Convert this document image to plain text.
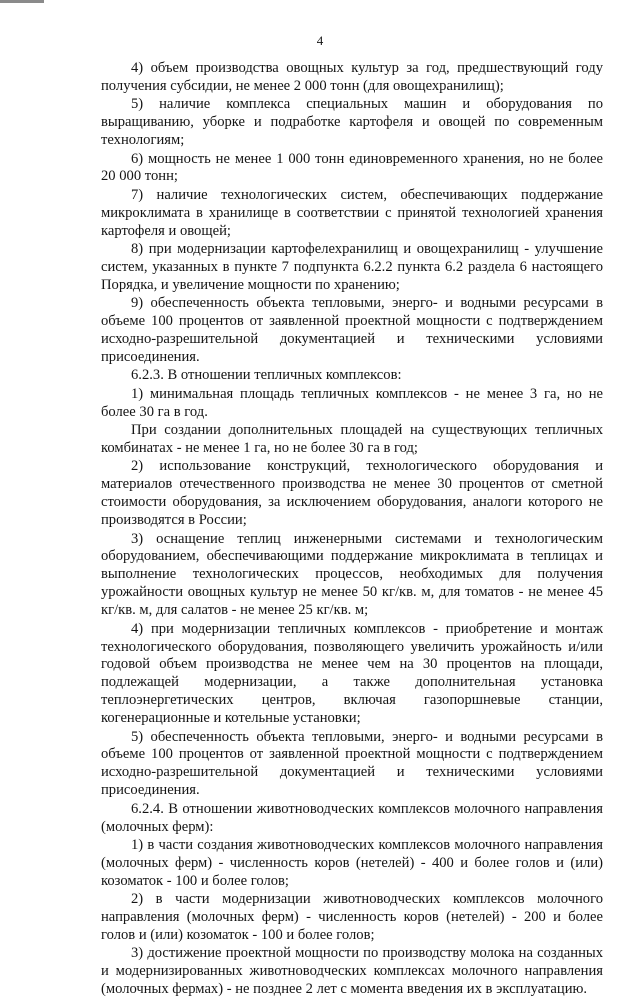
4

4) объем производства овощных культур за год, предшествующий году получения субсидии, не менее 2 000 тонн (для овощехранилищ);

5) наличие комплекса специальных машин и оборудования по выращиванию, уборке и подработке картофеля и овощей по современным технологиям;

6) мощность не менее 1 000 тонн единовременного хранения, но не более 20 000 тонн;

7) наличие технологических систем, обеспечивающих поддержание микроклимата в хранилище в соответствии с принятой технологией хранения картофеля и овощей;

8) при модернизации картофелехранилищ и овощехранилищ - улучшение систем, указанных в пункте 7 подпункта 6.2.2 пункта 6.2 раздела 6 настоящего Порядка, и увеличение мощности по хранению;

9) обеспеченность объекта тепловыми, энерго- и водными ресурсами в объеме 100 процентов от заявленной проектной мощности с подтверждением исходно-разрешительной документацией и техническими условиями присоединения.

6.2.3. В отношении тепличных комплексов:

1) минимальная площадь тепличных комплексов - не менее 3 га, но не более 30 га в год.

При создании дополнительных площадей на существующих тепличных комбинатах - не менее 1 га, но не более 30 га в год;

2) использование конструкций, технологического оборудования и материалов отечественного производства не менее 30 процентов от сметной стоимости оборудования, за исключением оборудования, аналоги которого не производятся в России;

3) оснащение теплиц инженерными системами и технологическим оборудованием, обеспечивающими поддержание микроклимата в теплицах и выполнение технологических процессов, необходимых для получения урожайности овощных культур не менее 50 кг/кв. м, для томатов - не менее 45 кг/кв. м, для салатов - не менее 25 кг/кв. м;

4) при модернизации тепличных комплексов - приобретение и монтаж технологического оборудования, позволяющего увеличить урожайность и/или годовой объем производства не менее чем на 30 процентов на площади, подлежащей модернизации, а также дополнительная установка теплоэнергетических центров, включая газопоршневые станции, когенерационные и котельные установки;

5) обеспеченность объекта тепловыми, энерго- и водными ресурсами в объеме 100 процентов от заявленной проектной мощности с подтверждением исходно-разрешительной документацией и техническими условиями присоединения.

6.2.4. В отношении животноводческих комплексов молочного направления (молочных ферм):

1) в части создания животноводческих комплексов молочного направления (молочных ферм) - численность коров (нетелей) - 400 и более голов и (или) козоматок - 100 и более голов;

2) в части модернизации животноводческих комплексов молочного направления (молочных ферм) - численность коров (нетелей) - 200 и более голов и (или) козоматок - 100 и более голов;

3) достижение проектной мощности по производству молока на созданных и модернизированных животноводческих комплексах молочного направления (молочных фермах) - не позднее 2 лет с момента введения их в эксплуатацию.
